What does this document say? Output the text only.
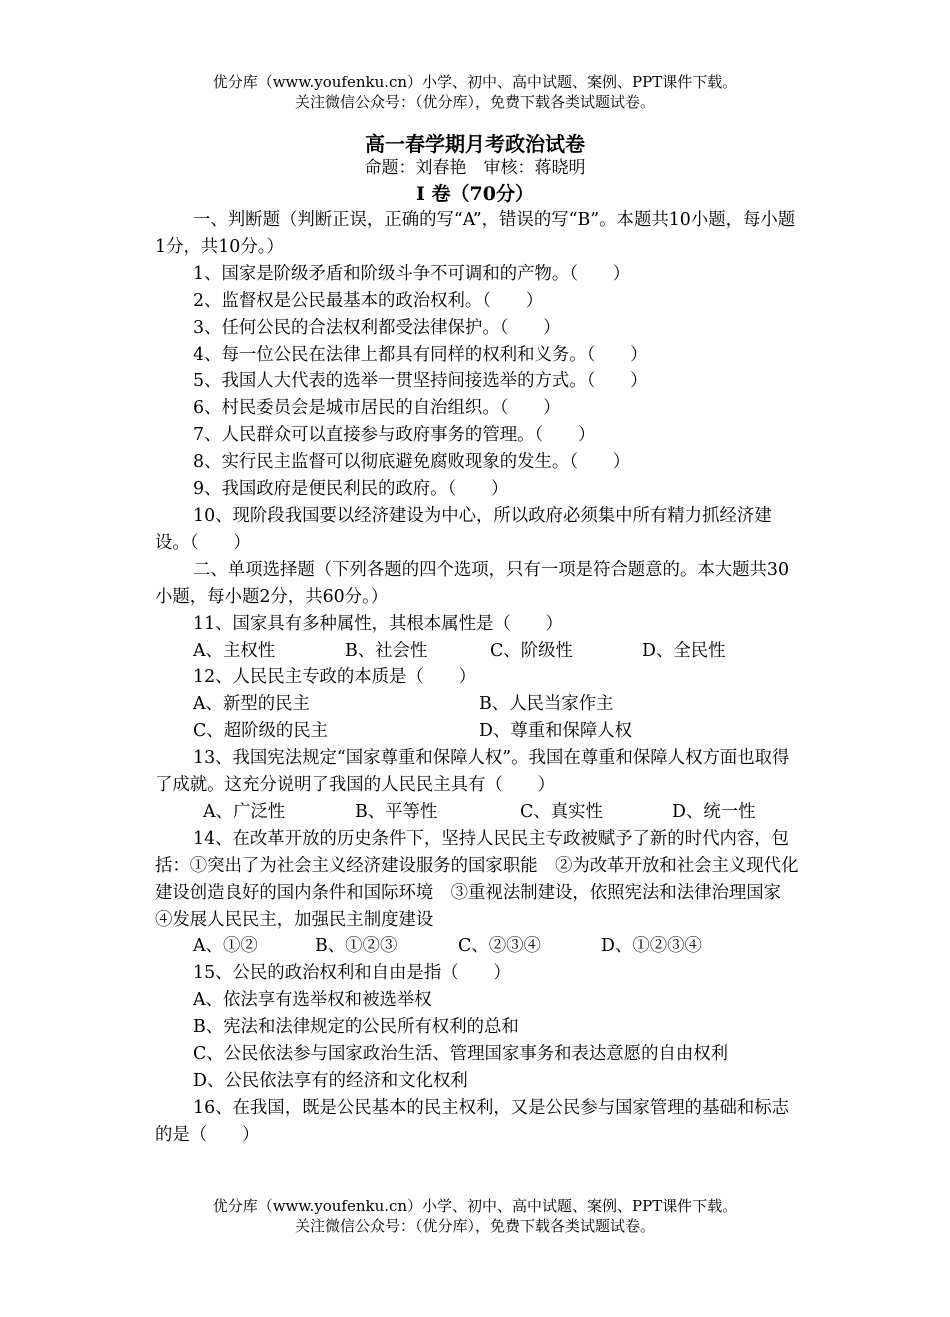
优分库（www.youfenku.cn）小学、初中、高中试题、案例、PPT课件下载。
关注微信公众号：（优分库），免费下载各类试题试卷。
高一春学期月考政治试卷
命题：刘春艳　审核：蒋晓明
Ⅰ 卷（70分）

一、判断题（判断正误，正确的写“A”，错误的写“B”。本题共10小题，每小题1分，共10分。）

1、国家是阶级矛盾和阶级斗争不可调和的产物。（　　）

2、监督权是公民最基本的政治权利。（　　）

3、任何公民的合法权利都受法律保护。（　　）

4、每一位公民在法律上都具有同样的权利和义务。（　　）

5、我国人大代表的选举一贯坚持间接选举的方式。（　　）

6、村民委员会是城市居民的自治组织。（　　）

7、人民群众可以直接参与政府事务的管理。（　　）

8、实行民主监督可以彻底避免腐败现象的发生。（　　）

9、我国政府是便民利民的政府。（　　）

10、现阶段我国要以经济建设为中心，所以政府必须集中所有精力抓经济建设。（　　）

二、单项选择题（下列各题的四个选项，只有一项是符合题意的。本大题共30小题，每小题2分，共60分。）

11、国家具有多种属性，其根本属性是（　　）

A、主权性	B、社会性	C、阶级性	D、全民性

12、人民民主专政的本质是（　　）

A、新型的民主	B、人民当家作主
C、超阶级的民主	D、尊重和保障人权

13、我国宪法规定“国家尊重和保障人权”。我国在尊重和保障人权方面也取得了成就。这充分说明了我国的人民民主具有（　　）

A、广泛性	B、平等性	C、真实性	D、统一性

14、在改革开放的历史条件下，坚持人民民主专政被赋予了新的时代内容，包括：①突出了为社会主义经济建设服务的国家职能　②为改革开放和社会主义现代化建设创造良好的国内条件和国际环境　③重视法制建设，依照宪法和法律治理国家　④发展人民民主，加强民主制度建设

A、①②	B、①②③	C、②③④	D、①②③④

15、公民的政治权利和自由是指（　　）

A、依法享有选举权和被选举权

B、宪法和法律规定的公民所有权利的总和

C、公民依法参与国家政治生活、管理国家事务和表达意愿的自由权利

D、公民依法享有的经济和文化权利

16、在我国，既是公民基本的民主权利，又是公民参与国家管理的基础和标志的是（　　）

优分库（www.youfenku.cn）小学、初中、高中试题、案例、PPT课件下载。
关注微信公众号：（优分库），免费下载各类试题试卷。
